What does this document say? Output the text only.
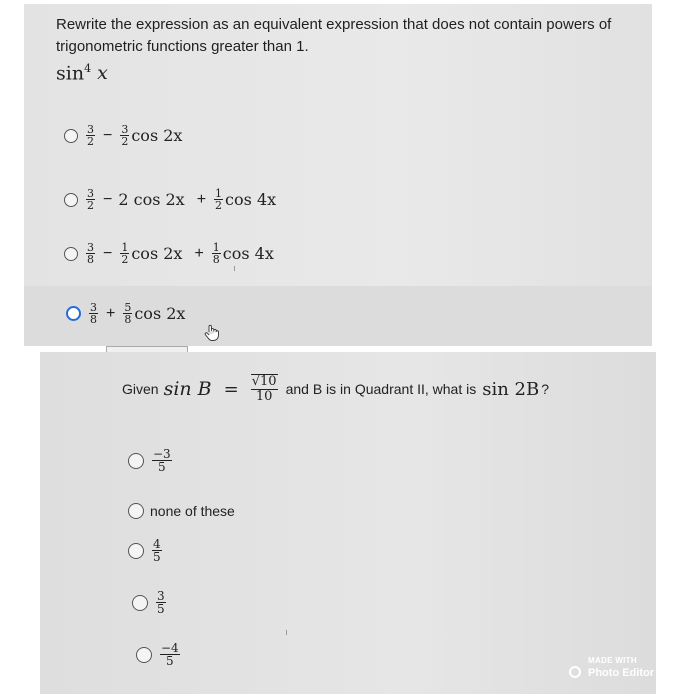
Rewrite the expression as an equivalent expression that does not contain powers of
trigonometric functions greater than 1.
$\sin^4 x$
$\frac{3}{2} - \frac{3}{2}$ cos 2x
$\frac{3}{2} - 2$ $\cos 2x + \frac{1}{2}$ cos 4x
$\frac{3}{8} - \frac{1}{2}$ $\cos 2x + \frac{1}{8}$ cos 4x
$\frac{3}{8} + \frac{5}{8}$ cos 2x
Given $\sin B = \frac{√10}{10}$ and B is in Quadrant II, what is sin 2B ?
$\frac{-3}{5}$
none of these
$\frac{4}{5}$
$\frac{3}{5}$
$\frac{-4}{5}$	MADE WITH
Photo Editor
